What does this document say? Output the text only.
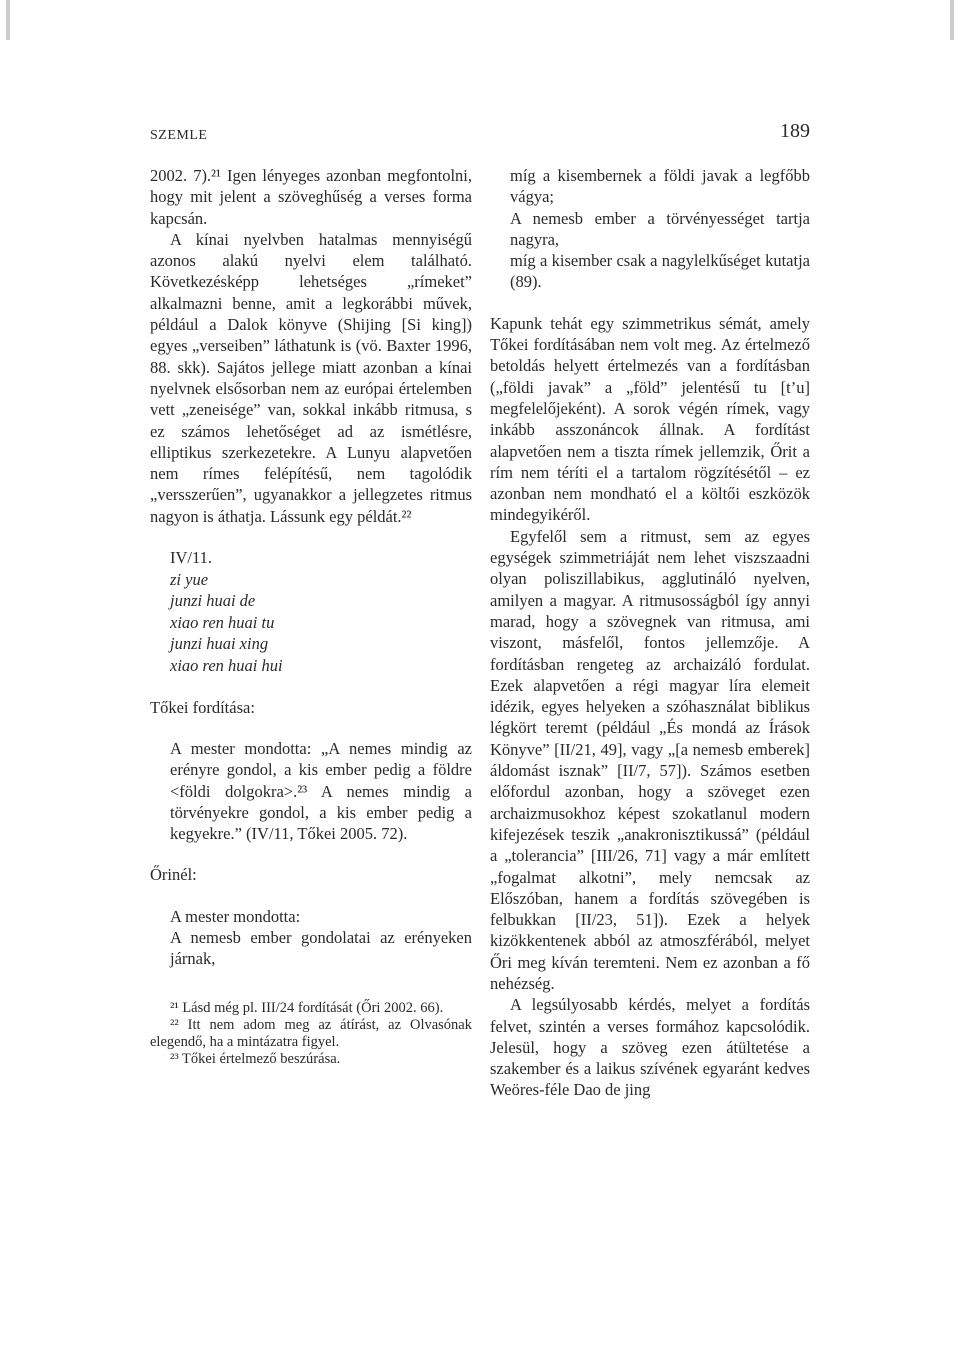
SZEMLE	189

2002. 7).²¹ Igen lényeges azonban megfontolni, hogy mit jelent a szöveghűség a verses forma kapcsán.

A kínai nyelvben hatalmas mennyiségű azonos alakú nyelvi elem található. Következésképp lehetséges „rímeket” alkalmazni benne, amit a legkorábbi művek, például a Dalok könyve (Shijing [Si king]) egyes „verseiben” láthatunk is (vö. Baxter 1996, 88. skk). Sajátos jellege miatt azonban a kínai nyelvnek elsősorban nem az európai értelemben vett „zeneisége” van, sokkal inkább ritmusa, s ez számos lehetőséget ad az ismétlésre, elliptikus szerkezetekre. A Lunyu alapvetően nem rímes felépítésű, nem tagolódik „versszerűen”, ugyanakkor a jellegzetes ritmus nagyon is áthatja. Lássunk egy példát.²²

IV/11.
zi yue
junzi huai de
xiao ren huai tu
junzi huai xing
xiao ren huai hui

Tőkei fordítása:

A mester mondotta: „A nemes mindig az erényre gondol, a kis ember pedig a földre <földi dolgokra>.²³ A nemes mindig a törvényekre gondol, a kis ember pedig a kegyekre.” (IV/11, Tőkei 2005. 72).

Őrinél:

A mester mondotta:

A nemesb ember gondolatai az erényeken járnak,

²¹ Lásd még pl. III/24 fordítását (Őri 2002. 66).

²² Itt nem adom meg az átírást, az Olvasónak elegendő, ha a mintázatra figyel.

²³ Tőkei értelmező beszúrása.

míg a kisembernek a földi javak a legfőbb vágya;

A nemesb ember a törvényességet tartja nagyra,

míg a kisember csak a nagylelkűséget kutatja (89).

Kapunk tehát egy szimmetrikus sémát, amely Tőkei fordításában nem volt meg. Az értelmező betoldás helyett értelmezés van a fordításban („földi javak” a „föld” jelentésű tu [t’u] megfelelőjeként). A sorok végén rímek, vagy inkább asszonáncok állnak. A fordítást alapvetően nem a tiszta rímek jellemzik, Őrit a rím nem téríti el a tartalom rögzítésétől – ez azonban nem mondható el a költői eszközök mindegyikéről.

Egyfelől sem a ritmust, sem az egyes egységek szimmetriáját nem lehet viszszaadni olyan poliszillabikus, agglutináló nyelven, amilyen a magyar. A ritmusosságból így annyi marad, hogy a szövegnek van ritmusa, ami viszont, másfelől, fontos jellemzője. A fordításban rengeteg az archaizáló fordulat. Ezek alapvetően a régi magyar líra elemeit idézik, egyes helyeken a szóhasználat biblikus légkört teremt (például „És mondá az Írások Könyve” [II/21, 49], vagy „[a nemesb emberek] áldomást isznak” [II/7, 57]). Számos esetben előfordul azonban, hogy a szöveget ezen archaizmusokhoz képest szokatlanul modern kifejezések teszik „anakronisztikussá” (például a „tolerancia” [III/26, 71] vagy a már említett „fogalmat alkotni”, mely nemcsak az Előszóban, hanem a fordítás szövegében is felbukkan [II/23, 51]). Ezek a helyek kizökkentenek abból az atmoszférából, melyet Őri meg kíván teremteni. Nem ez azonban a fő nehézség.

A legsúlyosabb kérdés, melyet a fordítás felvet, szintén a verses formához kapcsolódik. Jelesül, hogy a szöveg ezen átültetése a szakember és a laikus szívének egyaránt kedves Weöres-féle Dao de jing
